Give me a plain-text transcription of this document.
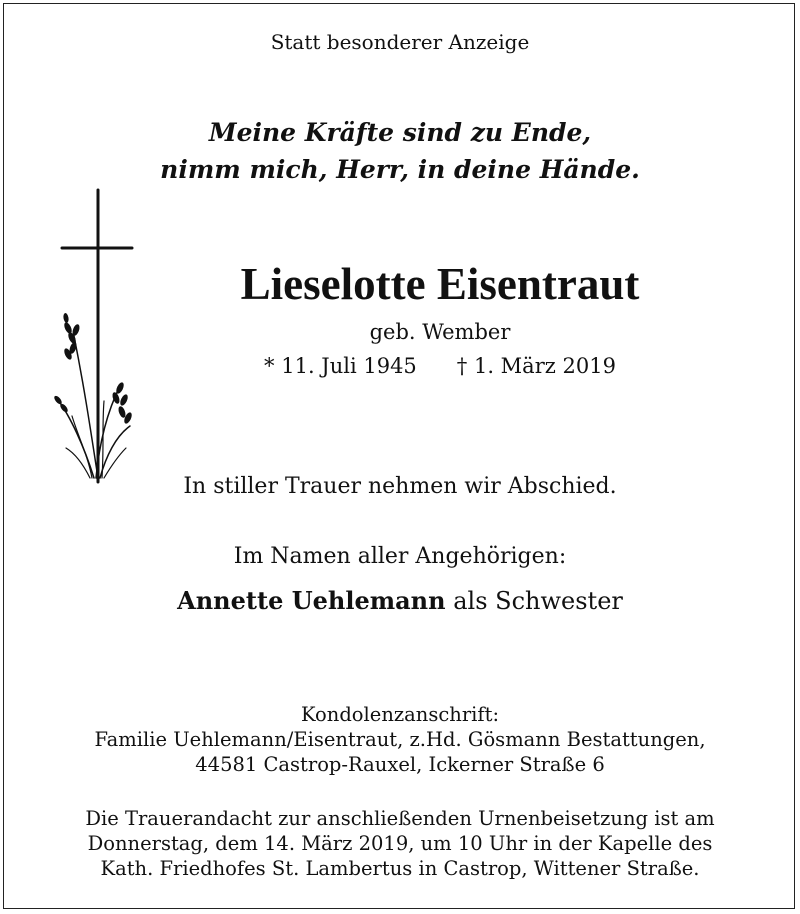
Statt besonderer Anzeige
Meine Kräfte sind zu Ende,
nimm mich, Herr, in deine Hände.
Lieselotte Eisentraut
geb. Wember
* 11. Juli 1945 † 1. März 2019
In stiller Trauer nehmen wir Abschied.
Im Namen aller Angehörigen:
Annette Uehlemann als Schwester
Kondolenzanschrift:
Familie Uehlemann/Eisentraut, z.Hd. Gösmann Bestattungen,
44581 Castrop-Rauxel, Ickerner Straße 6
Die Trauerandacht zur anschließenden Urnenbeisetzung ist am
Donnerstag, dem 14. März 2019, um 10 Uhr in der Kapelle des
Kath. Friedhofes St. Lambertus in Castrop, Wittener Straße.
